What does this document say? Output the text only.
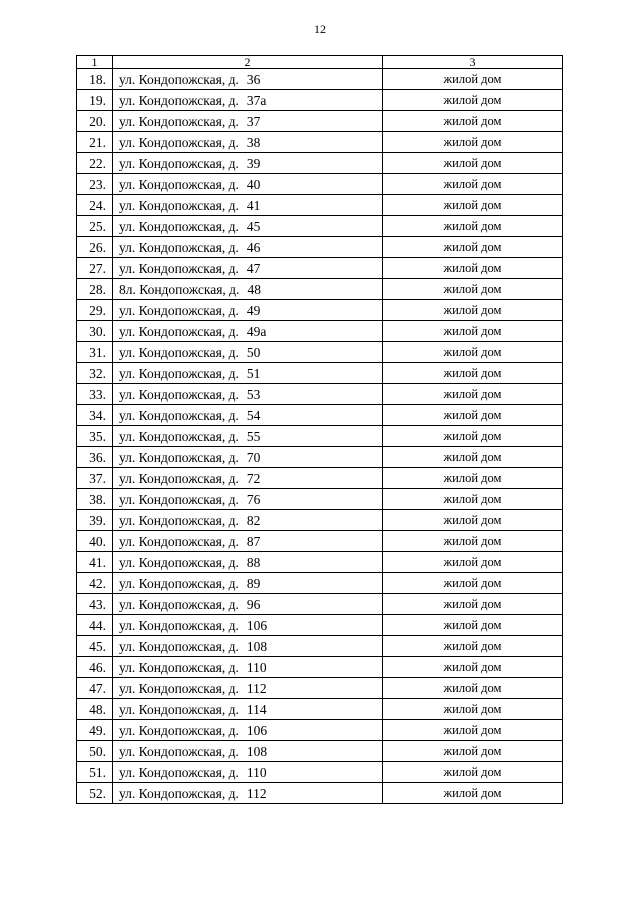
12
1	2	3
18.	ул. Кондопожская, д. 36	жилой дом
19.	ул. Кондопожская, д. 37а	жилой дом
20.	ул. Кондопожская, д. 37	жилой дом
21.	ул. Кондопожская, д. 38	жилой дом
22.	ул. Кондопожская, д. 39	жилой дом
23.	ул. Кондопожская, д. 40	жилой дом
24.	ул. Кондопожская, д. 41	жилой дом
25.	ул. Кондопожская, д. 45	жилой дом
26.	ул. Кондопожская, д. 46	жилой дом
27.	ул. Кондопожская, д. 47	жилой дом
28.	8л. Кондопожская, д. 48	жилой дом
29.	ул. Кондопожская, д. 49	жилой дом
30.	ул. Кондопожская, д. 49а	жилой дом
31.	ул. Кондопожская, д. 50	жилой дом
32.	ул. Кондопожская, д. 51	жилой дом
33.	ул. Кондопожская, д. 53	жилой дом
34.	ул. Кондопожская, д. 54	жилой дом
35.	ул. Кондопожская, д. 55	жилой дом
36.	ул. Кондопожская, д. 70	жилой дом
37.	ул. Кондопожская, д. 72	жилой дом
38.	ул. Кондопожская, д. 76	жилой дом
39.	ул. Кондопожская, д. 82	жилой дом
40.	ул. Кондопожская, д. 87	жилой дом
41.	ул. Кондопожская, д. 88	жилой дом
42.	ул. Кондопожская, д. 89	жилой дом
43.	ул. Кондопожская, д. 96	жилой дом
44.	ул. Кондопожская, д. 106	жилой дом
45.	ул. Кондопожская, д. 108	жилой дом
46.	ул. Кондопожская, д. 110	жилой дом
47.	ул. Кондопожская, д. 112	жилой дом
48.	ул. Кондопожская, д. 114	жилой дом
49.	ул. Кондопожская, д. 106	жилой дом
50.	ул. Кондопожская, д. 108	жилой дом
51.	ул. Кондопожская, д. 110	жилой дом
52.	ул. Кондопожская, д. 112	жилой дом
